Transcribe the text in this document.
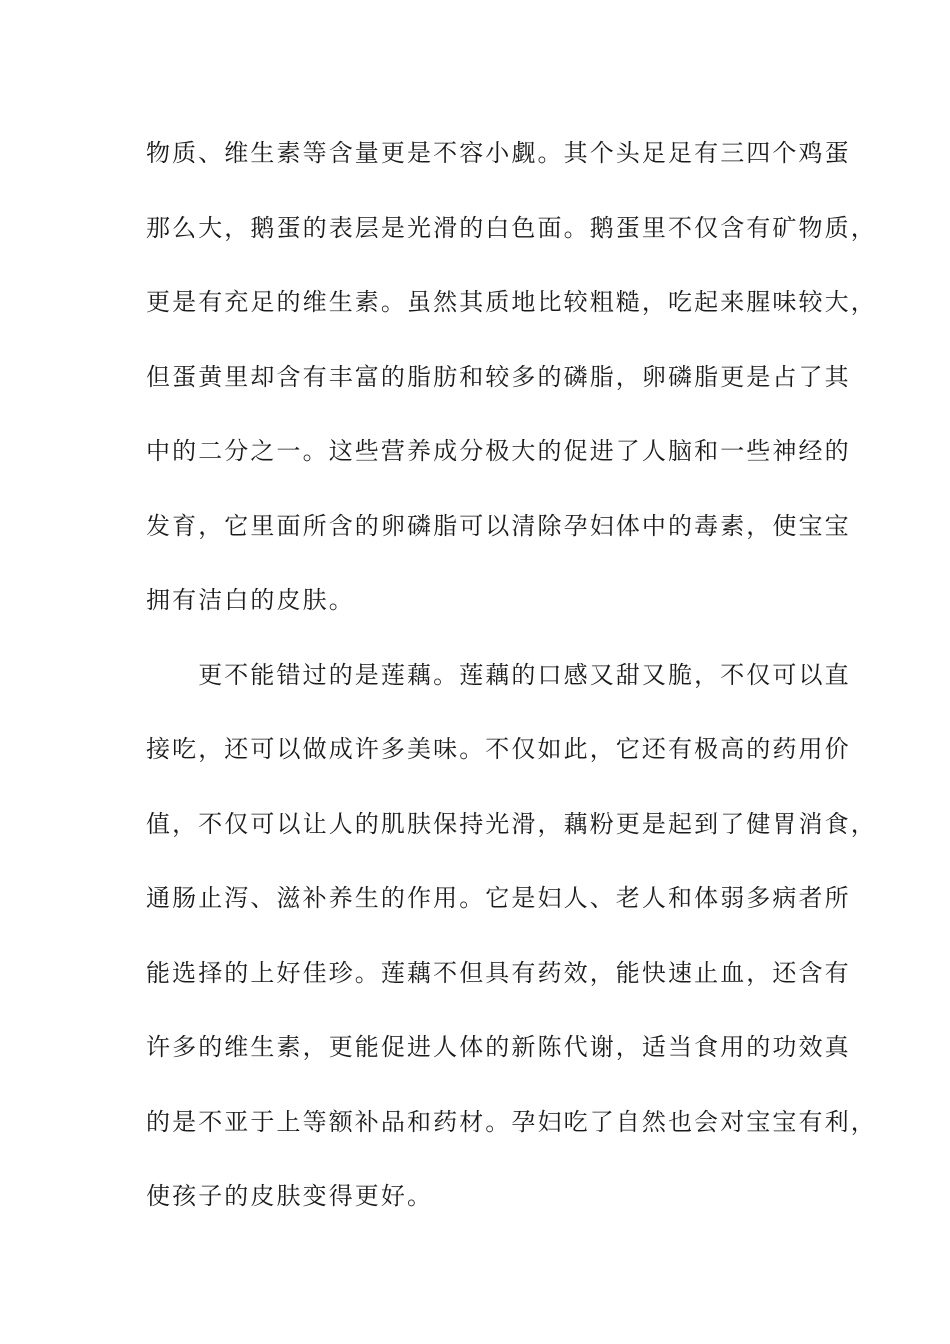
物质、维生素等含量更是不容小觑。其个头足足有三四个鸡蛋
那么大，鹅蛋的表层是光滑的白色面。鹅蛋里不仅含有矿物质，
更是有充足的维生素。虽然其质地比较粗糙，吃起来腥味较大，
但蛋黄里却含有丰富的脂肪和较多的磷脂，卵磷脂更是占了其
中的二分之一。这些营养成分极大的促进了人脑和一些神经的
发育，它里面所含的卵磷脂可以清除孕妇体中的毒素，使宝宝
拥有洁白的皮肤。
　　更不能错过的是莲藕。莲藕的口感又甜又脆，不仅可以直
接吃，还可以做成许多美味。不仅如此，它还有极高的药用价
值，不仅可以让人的肌肤保持光滑，藕粉更是起到了健胃消食，
通肠止泻、滋补养生的作用。它是妇人、老人和体弱多病者所
能选择的上好佳珍。莲藕不但具有药效，能快速止血，还含有
许多的维生素，更能促进人体的新陈代谢，适当食用的功效真
的是不亚于上等额补品和药材。孕妇吃了自然也会对宝宝有利，
使孩子的皮肤变得更好。
